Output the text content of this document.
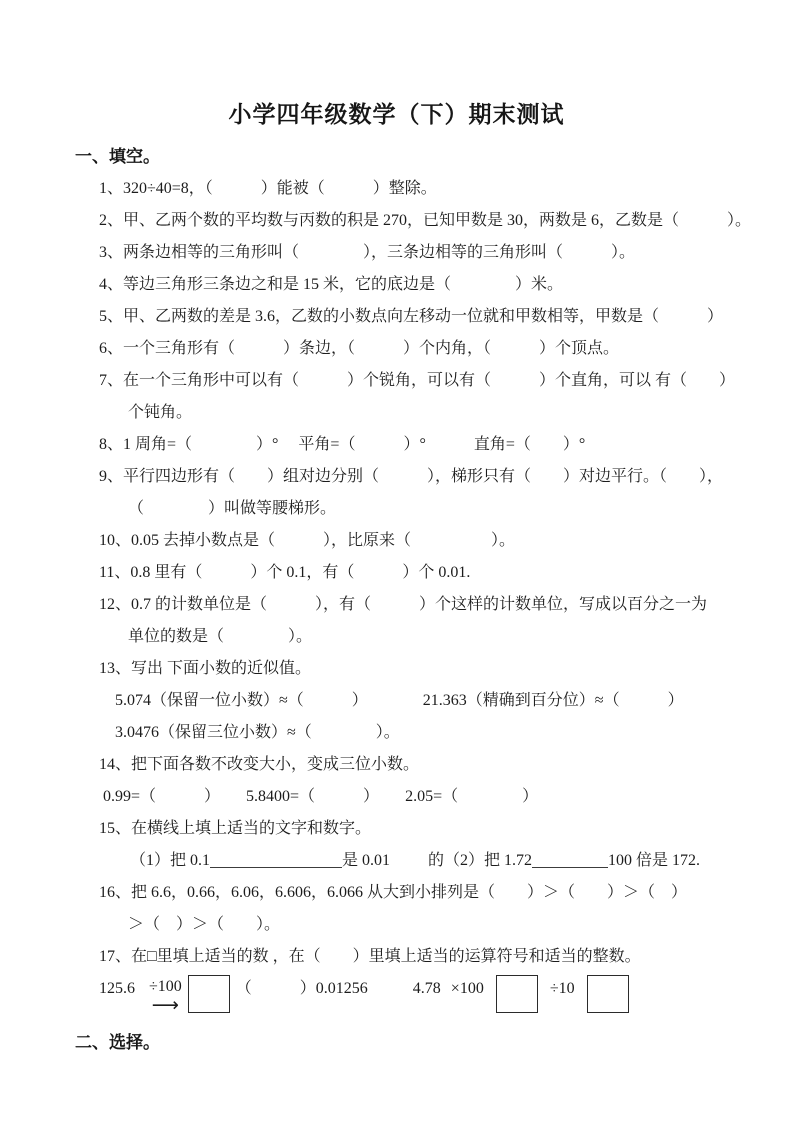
小学四年级数学（下）期末测试
一、填空。

1、320÷40=8，（　　　）能被（　　　）整除。

2、甲、乙两个数的平均数与丙数的积是 270，已知甲数是 30，两数是 6，乙数是（　　　）。

3、两条边相等的三角形叫（　　　　），三条边相等的三角形叫（　　　）。

4、等边三角形三条边之和是 15 米，它的底边是（　　　　）米。

5、甲、乙两数的差是 3.6，乙数的小数点向左移动一位就和甲数相等，甲数是（　　　）

6、一个三角形有（　　　）条边，（　　　）个内角，（　　　）个顶点。

7、在一个三角形中可以有（　　　）个锐角，可以有（　　　）个直角，可以 有（　　）

个钝角。

8、1 周角=（　　　　）°　 平角=（　　　）°　　　直角=（　　）°

9、平行四边形有（　　）组对边分别（　　　），梯形只有（　　）对边平行。（　　），

（　　　　）叫做等腰梯形。

10、0.05 去掉小数点是（　　　），比原来（　　　　　）。

11、0.8 里有（　　　）个 0.1，有（　　　）个 0.01.

12、0.7 的计数单位是（　　　），有（　　　）个这样的计数单位，写成以百分之一为

单位的数是（　　　　）。

13、写出 下面小数的近似值。

5.074（保留一位小数）≈（　　　）	21.363（精确到百分位）≈（　　　）

3.0476（保留三位小数）≈（　　　　）。

14、把下面各数不改变大小，变成三位小数。

0.99=（　　　） 5.8400=（　　　） 2.05=（　　　　）

15、在横线上填上适当的文字和数字。

（1）把 0.1	是 0.01 的（2）把 1.72	100 倍是 172.

16、把 6.6，0.66，6.06，6.606，6.066 从大到小排列是（　　）＞（　　）＞（　）

＞（　）＞（　　）。

17、在□里填上适当的数 ，在（　　）里填上适当的运算符号和适当的整数。

125.6 ÷100
⟶
（　　　）0.01256	4.78 ×100	÷10

二、选择。
